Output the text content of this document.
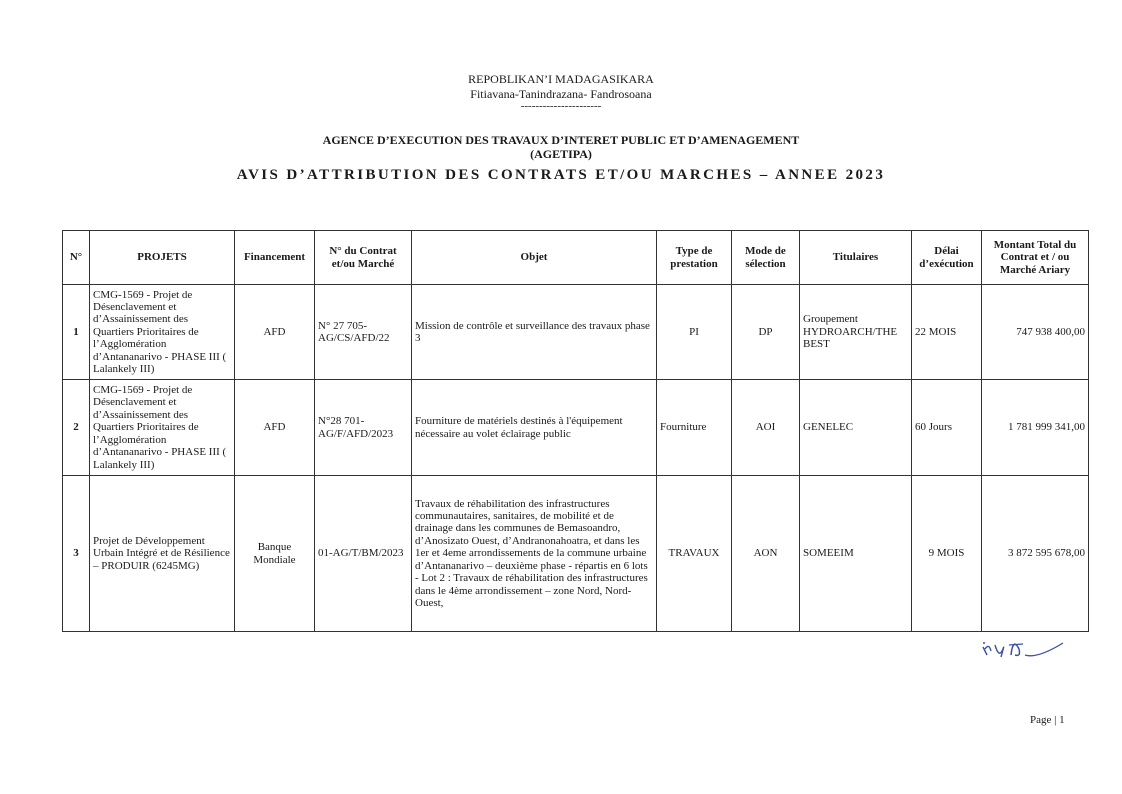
REPOBLIKAN’I MADAGASIKARA
Fitiavana-Tanindrazana- Fandrosoana
----------------------
AGENCE D’EXECUTION DES TRAVAUX D’INTERET PUBLIC ET D’AMENAGEMENT
(AGETIPA)
AVIS D’ATTRIBUTION DES CONTRATS ET/OU MARCHES – ANNEE 2023
N°	PROJETS	Financement	N° du Contrat et/ou Marché	Objet	Type de prestation	Mode de sélection	Titulaires	Délai d’exécution	Montant Total du Contrat et / ou Marché Ariary
1	CMG-1569 - Projet de Désenclavement et d’Assainissement des Quartiers Prioritaires de l’Agglomération d’Antananarivo - PHASE III ( Lalankely III)	AFD	N° 27 705-AG/CS/AFD/22	Mission de contrôle et surveillance des travaux phase 3	PI	DP	Groupement HYDROARCH/THE BEST	22 MOIS	747 938 400,00
2	CMG-1569 - Projet de Désenclavement et d’Assainissement des Quartiers Prioritaires de l’Agglomération d’Antananarivo - PHASE III ( Lalankely III)	AFD	N°28 701-AG/F/AFD/2023	Fourniture de matériels destinés à l'équipement nécessaire au volet éclairage public	Fourniture	AOI	GENELEC	60 Jours	1 781 999 341,00
3	Projet de Développement Urbain Intégré et de Résilience – PRODUIR (6245MG)	Banque Mondiale	01-AG/T/BM/2023	Travaux de réhabilitation des infrastructures communautaires, sanitaires, de mobilité et de drainage dans les communes de Bemasoandro, d’Anosizato Ouest, d’Andranonahoatra, et dans les 1er et 4eme arrondissements de la commune urbaine d’Antananarivo – deuxième phase - répartis en 6 lots - Lot 2 : Travaux de réhabilitation des infrastructures dans le 4ème arrondissement – zone Nord, Nord-Ouest,	TRAVAUX	AON	SOMEEIM	9 MOIS	3 872 595 678,00
Page | 1
